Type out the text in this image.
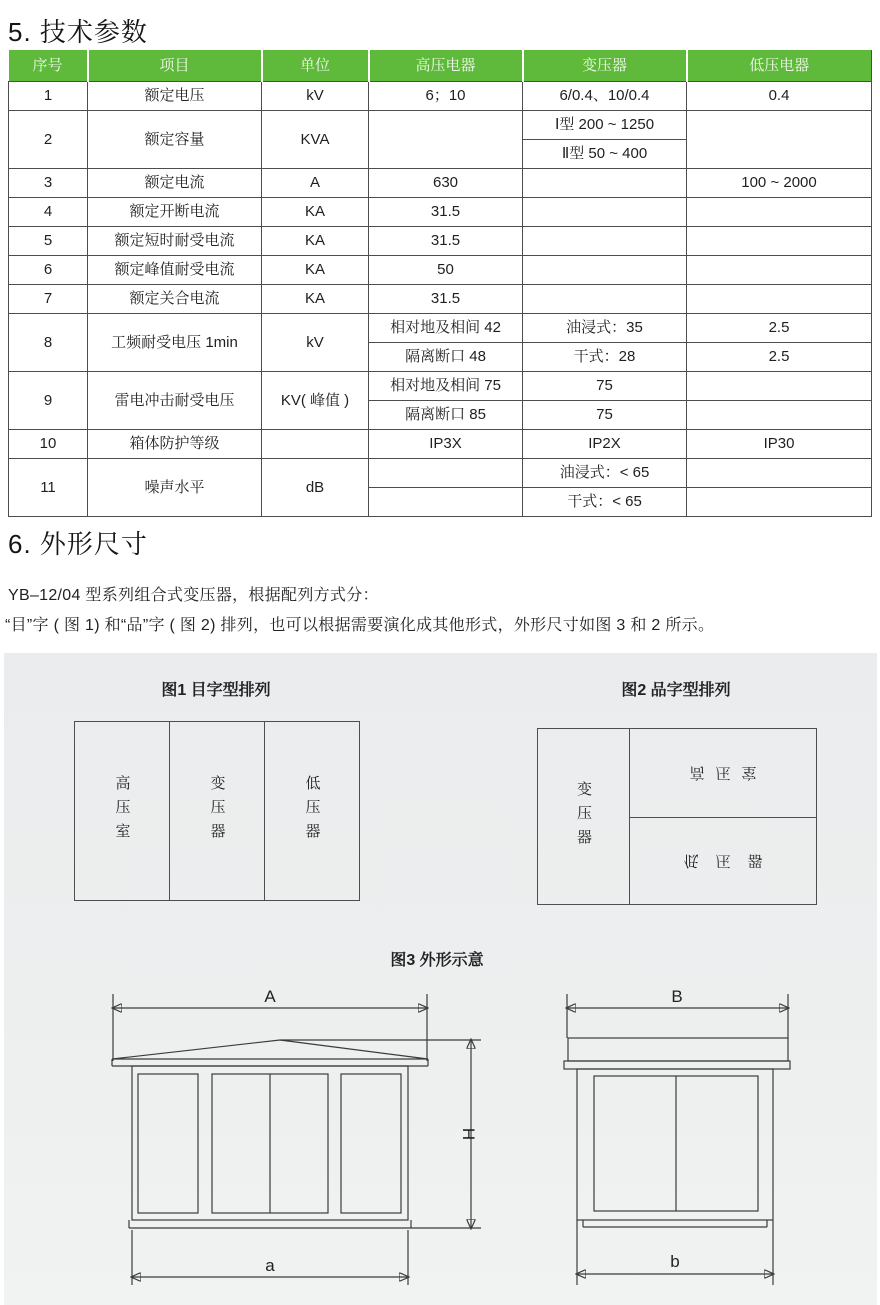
5. 技术参数
序号	项目	单位	高压电器	变压器	低压电器
1	额定电压	kV	6；10	6/0.4、10/0.4	0.4
2	额定容量	KVA		Ⅰ型 200 ~ 1250	
				Ⅱ型 50 ~ 400	
3	额定电流	A	630		100 ~ 2000
4	额定开断电流	KA	31.5		
5	额定短时耐受电流	KA	31.5		
6	额定峰值耐受电流	KA	50		
7	额定关合电流	KA	31.5		
8	工频耐受电压 1min	kV	相对地及相间 42	油浸式：35	2.5
			隔离断口 48	干式：28	2.5
9	雷电冲击耐受电压	KV( 峰值 )	相对地及相间 75	75	
			隔离断口 85	75	
10	箱体防护等级		IP3X	IP2X	IP30
11	噪声水平	dB		油浸式：< 65	
				干式：< 65	
6. 外形尺寸
YB–12/04 型系列组合式变压器，根据配列方式分：
“目”字 ( 图 1) 和“品”字 ( 图 2) 排列，也可以根据需要演化成其他形式，外形尺寸如图 3 和 2 所示。
图1 目字型排列
高压室	变压器	低压器
图2 品字型排列
变压器
高压室
低压器
图3 外形示意
A
H
a
B
b
